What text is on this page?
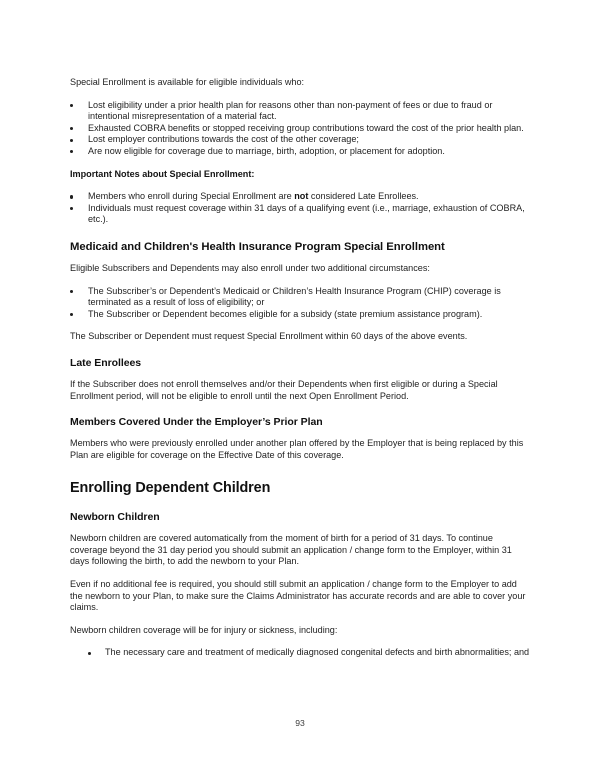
Special Enrollment is available for eligible individuals who:

Lost eligibility under a prior health plan for reasons other than non-payment of fees or due to fraud or intentional misrepresentation of a material fact.
Exhausted COBRA benefits or stopped receiving group contributions toward the cost of the prior health plan.
Lost employer contributions towards the cost of the other coverage;
Are now eligible for coverage due to marriage, birth, adoption, or placement for adoption.

Important Notes about Special Enrollment:

Members who enroll during Special Enrollment are not considered Late Enrollees.
Individuals must request coverage within 31 days of a qualifying event (i.e., marriage, exhaustion of COBRA, etc.).
Medicaid and Children's Health Insurance Program Special Enrollment

Eligible Subscribers and Dependents may also enroll under two additional circumstances:

The Subscriber’s or Dependent’s Medicaid or Children’s Health Insurance Program (CHIP) coverage is terminated as a result of loss of eligibility; or
The Subscriber or Dependent becomes eligible for a subsidy (state premium assistance program).

The Subscriber or Dependent must request Special Enrollment within 60 days of the above events.

Late Enrollees

If the Subscriber does not enroll themselves and/or their Dependents when first eligible or during a Special Enrollment period, will not be eligible to enroll until the next Open Enrollment Period.

Members Covered Under the Employer’s Prior Plan

Members who were previously enrolled under another plan offered by the Employer that is being replaced by this Plan are eligible for coverage on the Effective Date of this coverage.

Enrolling Dependent Children
Newborn Children

Newborn children are covered automatically from the moment of birth for a period of 31 days. To continue coverage beyond the 31 day period you should submit an application / change form to the Employer, within 31 days following the birth, to add the newborn to your Plan.

Even if no additional fee is required, you should still submit an application / change form to the Employer to add the newborn to your Plan, to make sure the Claims Administrator has accurate records and are able to cover your claims.

Newborn children coverage will be for injury or sickness, including:

The necessary care and treatment of medically diagnosed congenital defects and birth abnormalities; and
93
